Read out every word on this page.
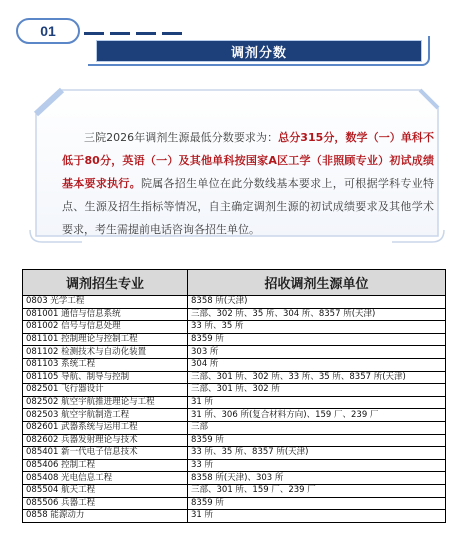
01
调剂分数
三院2026年调剂生源最低分数要求为：总分315分，数学（一）单科不低于80分，英语（一）及其他单科按国家A区工学（非照顾专业）初试成绩基本要求执行。院属各招生单位在此分数线基本要求上，可根据学科专业特点、生源及招生指标等情况，自主确定调剂生源的初试成绩要求及其他学术要求，考生需提前电话咨询各招生单位。
调剂招生专业	招收调剂生源单位
0803 光学工程	8358 所(天津)
081001 通信与信息系统	三部、302 所、35 所、304 所、8357 所(天津)
081002 信号与信息处理	33 所、35 所
081101 控制理论与控制工程	8359 所
081102 检测技术与自动化装置	303 所
081103 系统工程	304 所
081105 导航、制导与控制	三部、301 所、302 所、33 所、35 所、8357 所(天津)
082501 飞行器设计	三部、301 所、302 所
082502 航空宇航推进理论与工程	31 所
082503 航空宇航制造工程	31 所、306 所(复合材料方向)、159 厂、239 厂
082601 武器系统与运用工程	三部
082602 兵器发射理论与技术	8359 所
085401 新一代电子信息技术	33 所、35 所、8357 所(天津)
085406 控制工程	33 所
085408 光电信息工程	8358 所(天津)、303 所
085504 航天工程	三部、301 所、159 厂、239 厂
085506 兵器工程	8359 所
0858 能源动力	31 所
